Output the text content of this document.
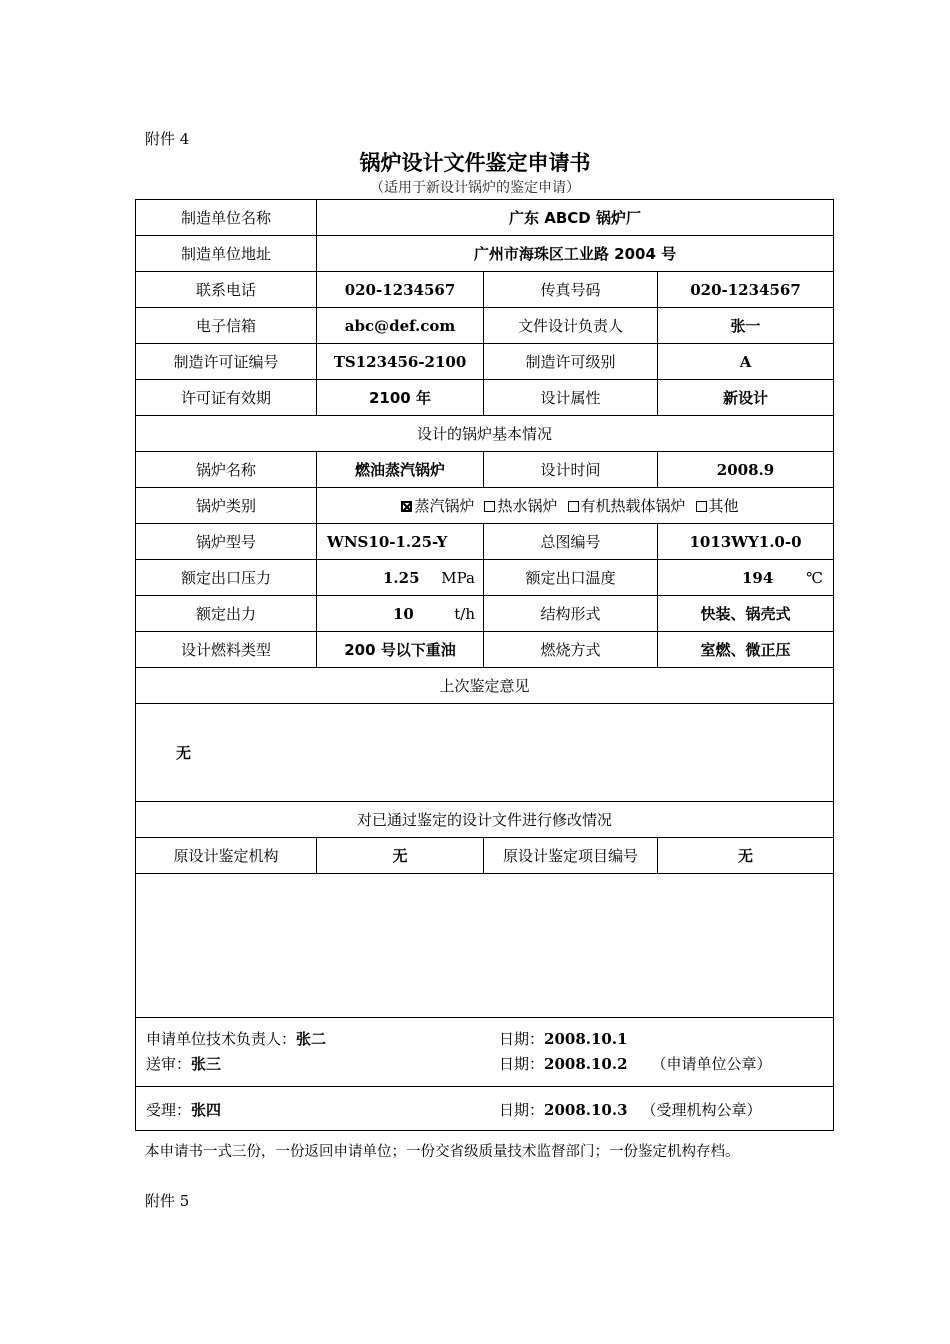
附件 4
锅炉设计文件鉴定申请书
（适用于新设计锅炉的鉴定申请）
制造单位名称	广东 ABCD 锅炉厂		
制造单位地址	广州市海珠区工业路 2004 号		
联系电话	020-1234567	传真号码	020-1234567
电子信箱	abc@def.com	文件设计负责人	张一
制造许可证编号	TS123456-2100	制造许可级别	A
许可证有效期	2100 年	设计属性	新设计
设计的锅炉基本情况			
锅炉名称	燃油蒸汽锅炉	设计时间	2008.9
锅炉类别	蒸汽锅炉 热水锅炉 有机热载体锅炉 其他		
锅炉型号	WNS10-1.25-Y	总图编号	1013WY1.0-0
额定出口压力	1.25 MPa	额定出口温度	194 ℃

额定出力	10 t/h	结构形式	快装、锅壳式
设计燃料类型	200 号以下重油	燃烧方式	室燃、微正压
上次鉴定意见			
无			
对已通过鉴定的设计文件进行修改情况			
原设计鉴定机构	无	原设计鉴定项目编号	无

申请单位技术负责人：张二 日期：2008.10.1
送审：张三 日期：2008.10.2 （申请单位公章）			

受理：张四 日期：2008.10.3 （受理机构公章）			
本申请书一式三份，一份返回申请单位；一份交省级质量技术监督部门；一份鉴定机构存档。
附件 5
